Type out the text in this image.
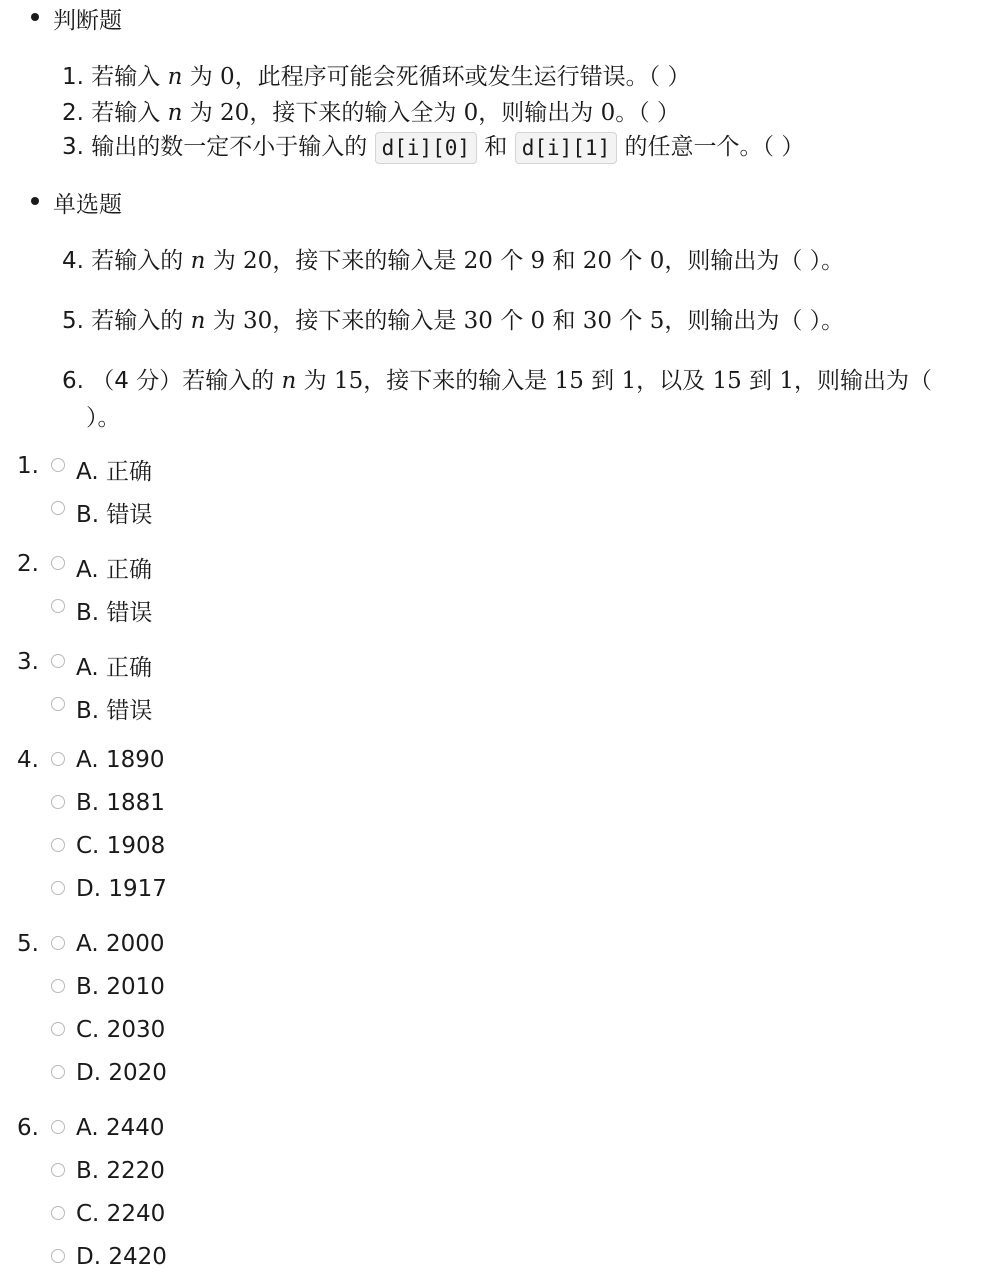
判断题
1. 若输入 n 为 0，此程序可能会死循环或发生运行错误。（ ）
2. 若输入 n 为 20，接下来的输入全为 0，则输出为 0。（ ）
3. 输出的数一定不小于输入的 d[i][0] 和 d[i][1] 的任意一个。（ ）
单选题
4. 若输入的 n 为 20，接下来的输入是 20 个 9 和 20 个 0，则输出为（ ）。
5. 若输入的 n 为 30，接下来的输入是 30 个 0 和 30 个 5，则输出为（ ）。
6. （4 分）若输入的 n 为 15，接下来的输入是 15 到 1，以及 15 到 1，则输出为（
）。
1. A. 正确
B. 错误
2. A. 正确
B. 错误
3. A. 正确
B. 错误
4. A. 1890
B. 1881
C. 1908
D. 1917
5. A. 2000
B. 2010
C. 2030
D. 2020
6. A. 2440
B. 2220
C. 2240
D. 2420
